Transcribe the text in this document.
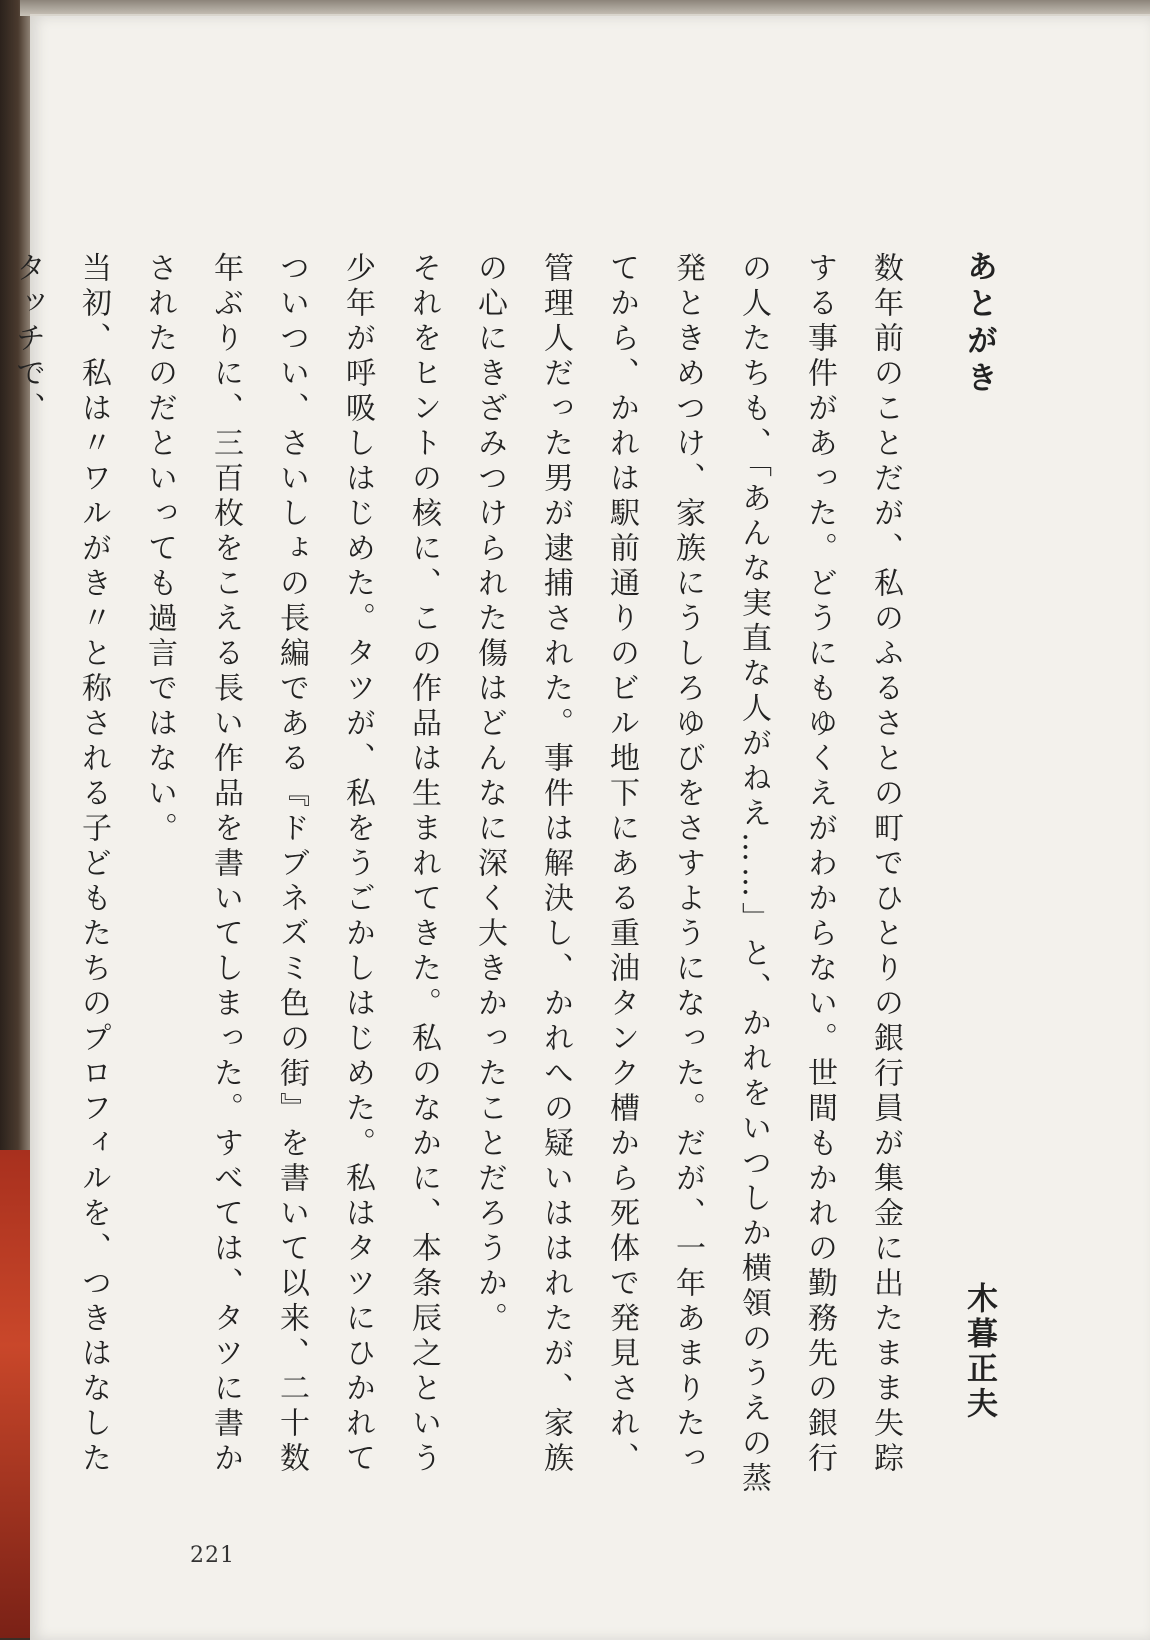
あとがき
木暮正夫

数年前のことだが、私のふるさとの町でひとりの銀行員が集金に出たまま失踪する事件があった。どうにもゆくえがわからない。世間もかれの勤務先の銀行の人たちも、「あんな実直な人がねえ……」と、かれをいつしか横領のうえの蒸発ときめつけ、家族にうしろゆびをさすようになった。だが、一年あまりたってから、かれは駅前通りのビル地下にある重油タンク槽から死体で発見され、管理人だった男が逮捕された。事件は解決し、かれへの疑いははれたが、家族の心にきざみつけられた傷はどんなに深く大きかったことだろうか。

それをヒントの核に、この作品は生まれてきた。私のなかに、本条辰之という少年が呼吸しはじめた。タツが、私をうごかしはじめた。私はタツにひかれてついつい、さいしょの長編である『ドブネズミ色の街』を書いて以来、二十数年ぶりに、三百枚をこえる長い作品を書いてしまった。すべては、タツに書かされたのだといっても過言ではない。

当初、私は〃ワルがき〃と称される子どもたちのプロフィルを、つきはなしたタッチで、

221
